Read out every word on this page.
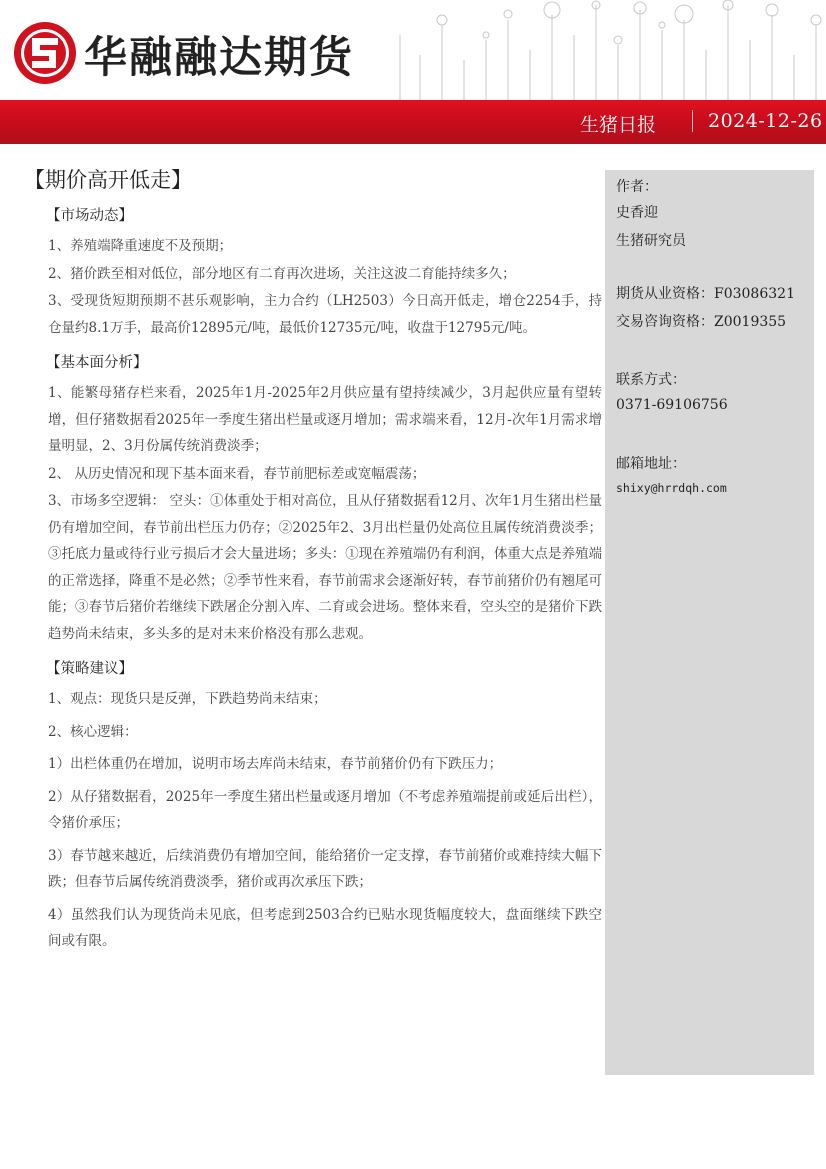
华融融达期货
生猪日报	2024-12-26
【期价高开低走】
【市场动态】

1、养殖端降重速度不及预期；

2、猪价跌至相对低位，部分地区有二育再次进场，关注这波二育能持续多久；

3、受现货短期预期不甚乐观影响，主力合约（LH2503）今日高开低走，增仓2254手，持仓量约8.1万手，最高价12895元/吨，最低价12735元/吨，收盘于12795元/吨。

【基本面分析】

1、能繁母猪存栏来看，2025年1月-2025年2月供应量有望持续减少，3月起供应量有望转增，但仔猪数据看2025年一季度生猪出栏量或逐月增加；需求端来看，12月-次年1月需求增量明显，2、3月份属传统消费淡季；

2、 从历史情况和现下基本面来看，春节前肥标差或宽幅震荡；

3、市场多空逻辑： 空头：①体重处于相对高位，且从仔猪数据看12月、次年1月生猪出栏量仍有增加空间，春节前出栏压力仍存；②2025年2、3月出栏量仍处高位且属传统消费淡季；③托底力量或待行业亏损后才会大量进场；多头：①现在养殖端仍有利润，体重大点是养殖端的正常选择，降重不是必然；②季节性来看，春节前需求会逐渐好转，春节前猪价仍有翘尾可能；③春节后猪价若继续下跌屠企分割入库、二育或会进场。整体来看，空头空的是猪价下跌趋势尚未结束，多头多的是对未来价格没有那么悲观。

【策略建议】

1、观点：现货只是反弹，下跌趋势尚未结束；

2、核心逻辑：

1）出栏体重仍在增加，说明市场去库尚未结束，春节前猪价仍有下跌压力；

2）从仔猪数据看，2025年一季度生猪出栏量或逐月增加（不考虑养殖端提前或延后出栏），令猪价承压；

3）春节越来越近，后续消费仍有增加空间，能给猪价一定支撑，春节前猪价或难持续大幅下跌；但春节后属传统消费淡季，猪价或再次承压下跌；

4）虽然我们认为现货尚未见底，但考虑到2503合约已贴水现货幅度较大，盘面继续下跌空间或有限。

作者：
史香迎
生猪研究员
期货从业资格：F03086321
交易咨询资格：Z0019355
联系方式：
0371-69106756
邮箱地址：
shixy@hrrdqh.com
